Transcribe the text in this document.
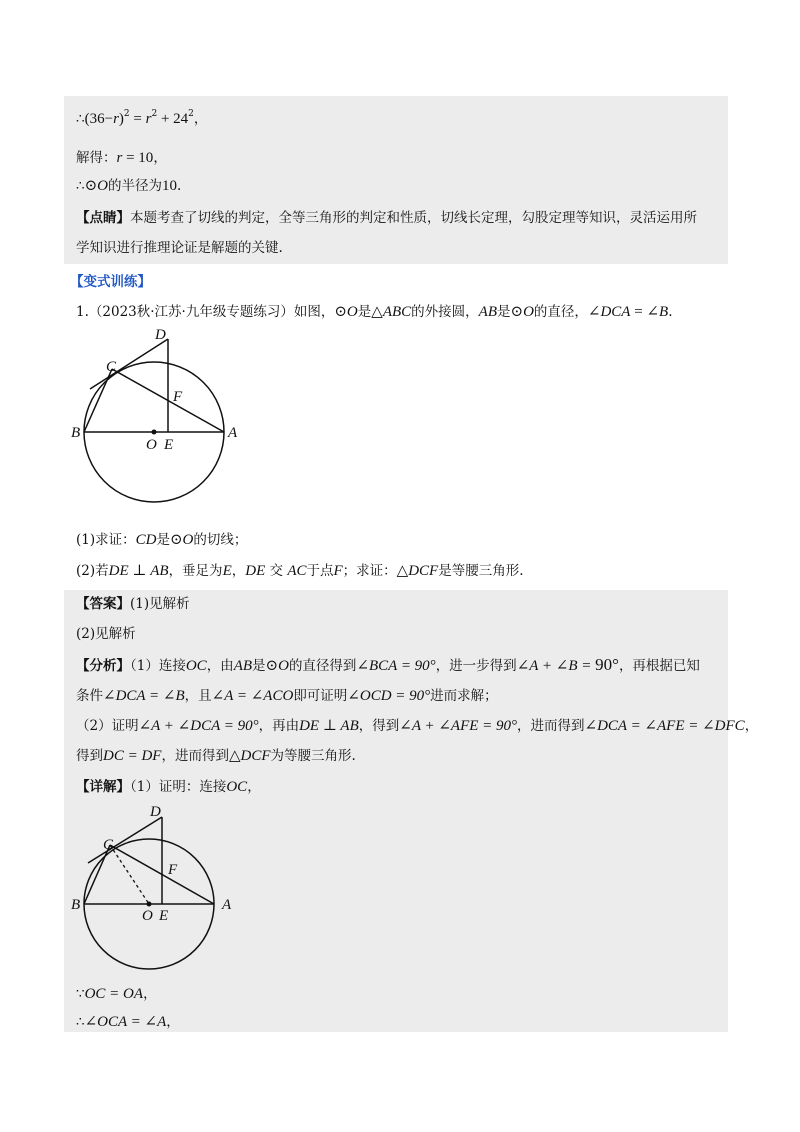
$\therefore(36-r)^2 = r^2 + 24^2$，
解得：r = 10，
∴⊙O的半径为10.
【点睛】本题考查了切线的判定，全等三角形的判定和性质，切线长定理，勾股定理等知识，灵活运用所
学知识进行推理论证是解题的关键.
【变式训练】
1.（2023秋·江苏·九年级专题练习）如图，⊙O是△ABC的外接圆，AB是⊙O的直径，∠DCA = ∠B.
D
C
F
B
O E
A
(1)求证：CD是⊙O的切线；
(2)若DE ⊥ AB，垂足为E，DE 交 AC于点F；求证：△DCF是等腰三角形.
【答案】(1)见解析
(2)见解析
【分析】（1）连接OC，由AB是⊙O的直径得到∠BCA = 90°，进一步得到∠A + ∠B = 90°，再根据已知
条件∠DCA = ∠B，且∠A = ∠ACO即可证明∠OCD = 90°进而求解；
（2）证明∠A + ∠DCA = 90°，再由DE ⊥ AB，得到∠A + ∠AFE = 90°，进而得到∠DCA = ∠AFE = ∠DFC，
得到DC = DF，进而得到△DCF为等腰三角形.
【详解】（1）证明：连接OC，
D
C
F
B
O E
A
∵OC = OA，
∴∠OCA = ∠A，
